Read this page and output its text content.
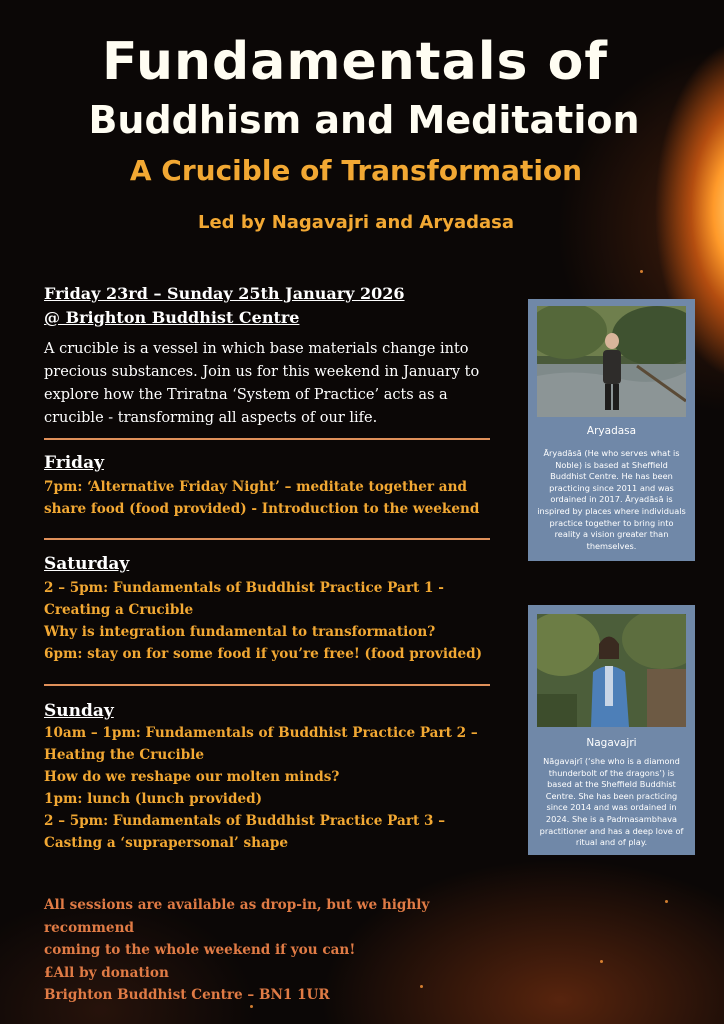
Fundamentals of
Buddhism and Meditation
A Crucible of Transformation
Led by Nagavajri and Aryadasa
Friday 23rd – Sunday 25th January 2026
@ Brighton Buddhist Centre
A crucible is a vessel in which base materials change into precious substances. Join us for this weekend in January to explore how the Triratna ‘System of Practice’ acts as a crucible - transforming all aspects of our life.
Friday
7pm: ‘Alternative Friday Night’ – meditate together and
share food (food provided) - Introduction to the weekend
Saturday
2 – 5pm: Fundamentals of Buddhist Practice Part 1 -
Creating a Crucible
Why is integration fundamental to transformation?
6pm: stay on for some food if you’re free! (food provided)
Sunday
10am – 1pm: Fundamentals of Buddhist Practice Part 2 –
Heating the Crucible
How do we reshape our molten minds?
1pm: lunch (lunch provided)
2 – 5pm: Fundamentals of Buddhist Practice Part 3 –
Casting a ‘suprapersonal’ shape
All sessions are available as drop-in, but we highly recommend
coming to the whole weekend if you can!
£All by donation
Brighton Buddhist Centre – BN1 1UR
Aryadasa
Āryadāsā (He who serves what is Noble) is based at Sheffield Buddhist Centre. He has been practicing since 2011 and was ordained in 2017. Āryadāsā is inspired by places where individuals practice together to bring into reality a vision greater than themselves.
Nagavajri
Nāgavajrī (‘she who is a diamond thunderbolt of the dragons’) is based at the Sheffield Buddhist Centre. She has been practicing since 2014 and was ordained in 2024. She is a Padmasambhava practitioner and has a deep love of ritual and of play.
